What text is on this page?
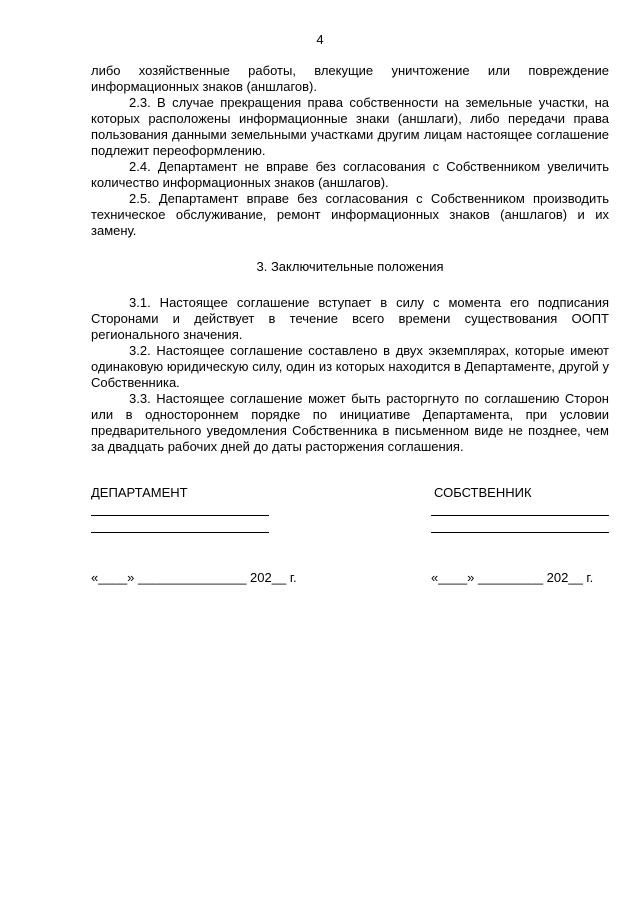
4

либо хозяйственные работы, влекущие уничтожение или повреждение информационных знаков (аншлагов).

2.3. В случае прекращения права собственности на земельные участки, на которых расположены информационные знаки (аншлаги), либо передачи права пользования данными земельными участками другим лицам настоящее соглашение подлежит переоформлению.

2.4. Департамент не вправе без согласования с Собственником увеличить количество информационных знаков (аншлагов).

2.5. Департамент вправе без согласования с Собственником производить техническое обслуживание, ремонт информационных знаков (аншлагов) и их замену.

3. Заключительные положения

3.1. Настоящее соглашение вступает в силу с момента его подписания Сторонами и действует в течение всего времени существования ООПТ регионального значения.

3.2. Настоящее соглашение составлено в двух экземплярах, которые имеют одинаковую юридическую силу, один из которых находится в Департаменте, другой у Собственника.

3.3. Настоящее соглашение может быть расторгнуто по соглашению Сторон или в одностороннем порядке по инициативе Департамента, при условии предварительного уведомления Собственника в письменном виде не позднее, чем за двадцать рабочих дней до даты расторжения соглашения.

ДЕПАРТАМЕНТ	СОБСТВЕННИК
«____» _______________ 202__ г.	«____» _________ 202__ г.
